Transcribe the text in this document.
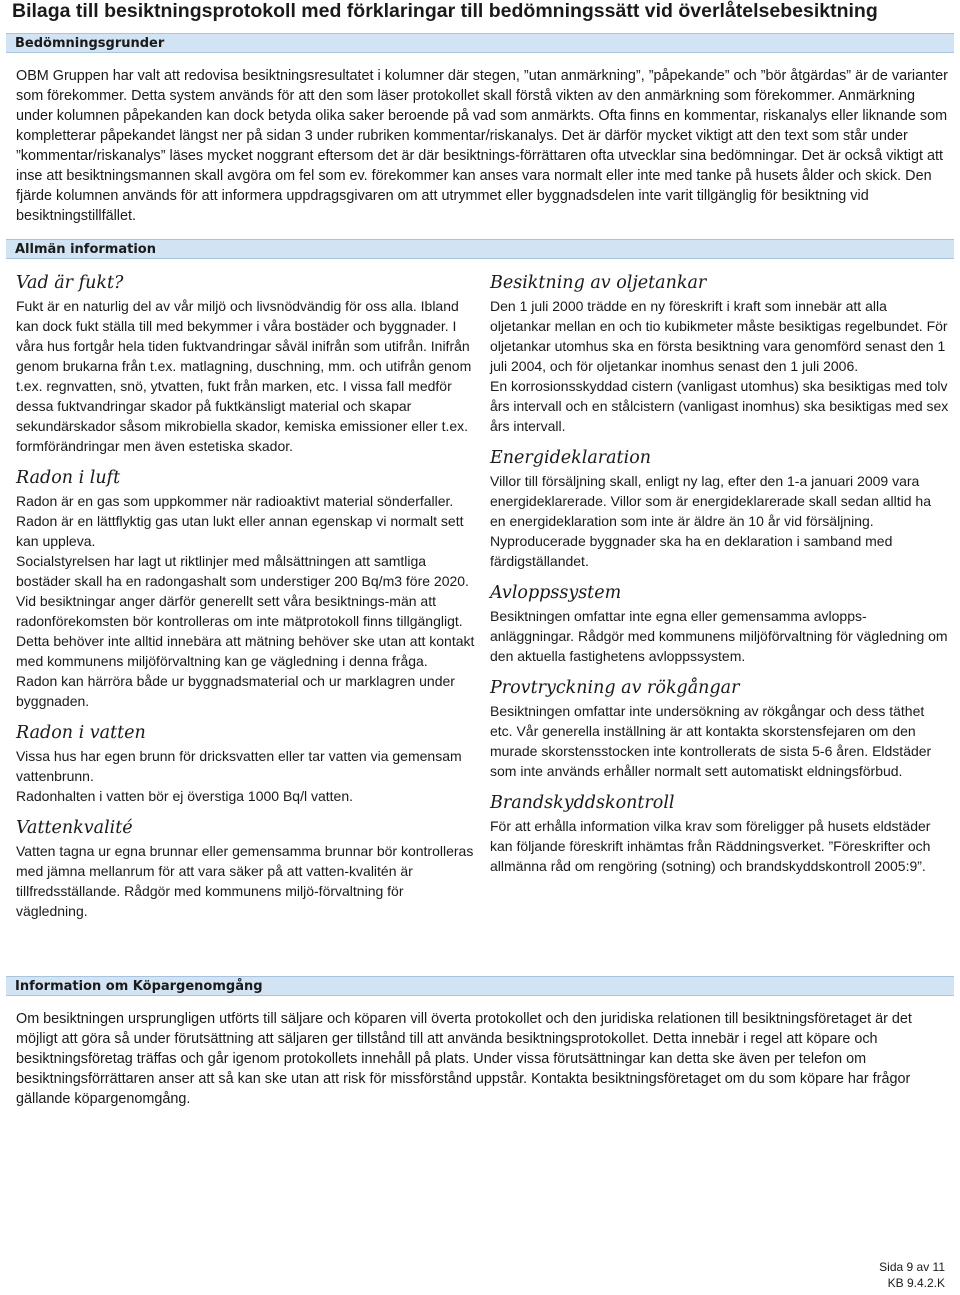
Bilaga till besiktningsprotokoll med förklaringar till bedömningssätt vid överlåtelsebesiktning
Bedömningsgrunder

OBM Gruppen har valt att redovisa besiktningsresultatet i kolumner där stegen, ”utan anmärkning”, ”påpekande” och ”bör åtgärdas” är de varianter som förekommer. Detta system används för att den som läser protokollet skall förstå vikten av den anmärkning som förekommer. Anmärkning under kolumnen påpekanden kan dock betyda olika saker beroende på vad som anmärkts. Ofta finns en kommentar, riskanalys eller liknande som kompletterar påpekandet längst ner på sidan 3 under rubriken kommentar/riskanalys. Det är därför mycket viktigt att den text som står under ”kommentar/riskanalys” läses mycket noggrant eftersom det är där besiktnings-förrättaren ofta utvecklar sina bedömningar. Det är också viktigt att inse att besiktningsmannen skall avgöra om fel som ev. förekommer kan anses vara normalt eller inte med tanke på husets ålder och skick. Den fjärde kolumnen används för att informera uppdragsgivaren om att utrymmet eller byggnadsdelen inte varit tillgänglig för besiktning vid besiktningstillfället.

Allmän information
Vad är fukt?

Fukt är en naturlig del av vår miljö och livsnödvändig för oss alla. Ibland kan dock fukt ställa till med bekymmer i våra bostäder och byggnader. I våra hus fortgår hela tiden fuktvandringar såväl inifrån som utifrån. Inifrån genom brukarna från t.ex. matlagning, duschning, mm. och utifrån genom t.ex. regnvatten, snö, ytvatten, fukt från marken, etc. I vissa fall medför dessa fuktvandringar skador på fuktkänsligt material och skapar sekundärskador såsom mikrobiella skador, kemiska emissioner eller t.ex. formförändringar men även estetiska skador.

Radon i luft

Radon är en gas som uppkommer när radioaktivt material sönderfaller. Radon är en lättflyktig gas utan lukt eller annan egenskap vi normalt sett kan uppleva.

Socialstyrelsen har lagt ut riktlinjer med målsättningen att samtliga bostäder skall ha en radongashalt som understiger 200 Bq/m3 före 2020. Vid besiktningar anger därför generellt sett våra besiktnings-män att radonförekomsten bör kontrolleras om inte mätprotokoll finns tillgängligt. Detta behöver inte alltid innebära att mätning behöver ske utan att kontakt med kommunens miljöförvaltning kan ge vägledning i denna fråga.

Radon kan härröra både ur byggnadsmaterial och ur marklagren under byggnaden.

Radon i vatten

Vissa hus har egen brunn för dricksvatten eller tar vatten via gemensam vattenbrunn.

Radonhalten i vatten bör ej överstiga 1000 Bq/l vatten.

Vattenkvalité

Vatten tagna ur egna brunnar eller gemensamma brunnar bör kontrolleras med jämna mellanrum för att vara säker på att vatten-kvalitén är tillfredsställande. Rådgör med kommunens miljö-förvaltning för vägledning.

Besiktning av oljetankar

Den 1 juli 2000 trädde en ny föreskrift i kraft som innebär att alla oljetankar mellan en och tio kubikmeter måste besiktigas regelbundet. För oljetankar utomhus ska en första besiktning vara genomförd senast den 1 juli 2004, och för oljetankar inomhus senast den 1 juli 2006.

En korrosionsskyddad cistern (vanligast utomhus) ska besiktigas med tolv års intervall och en stålcistern (vanligast inomhus) ska besiktigas med sex års intervall.

Energideklaration

Villor till försäljning skall, enligt ny lag, efter den 1-a januari 2009 vara energideklarerade. Villor som är energideklarerade skall sedan alltid ha en energideklaration som inte är äldre än 10 år vid försäljning.

Nyproducerade byggnader ska ha en deklaration i samband med färdigställandet.

Avloppssystem

Besiktningen omfattar inte egna eller gemensamma avlopps-anläggningar. Rådgör med kommunens miljöförvaltning för vägledning om den aktuella fastighetens avloppssystem.

Provtryckning av rökgångar

Besiktningen omfattar inte undersökning av rökgångar och dess täthet etc. Vår generella inställning är att kontakta skorstensfejaren om den murade skorstensstocken inte kontrollerats de sista 5-6 åren. Eldstäder som inte används erhåller normalt sett automatiskt eldningsförbud.

Brandskyddskontroll

För att erhålla information vilka krav som föreligger på husets eldstäder kan följande föreskrift inhämtas från Räddningsverket. ”Föreskrifter och allmänna råd om rengöring (sotning) och brandskyddskontroll 2005:9”.

Information om Köpargenomgång

Om besiktningen ursprungligen utförts till säljare och köparen vill överta protokollet och den juridiska relationen till besiktningsföretaget är det möjligt att göra så under förutsättning att säljaren ger tillstånd till att använda besiktningsprotokollet. Detta innebär i regel att köpare och besiktningsföretag träffas och går igenom protokollets innehåll på plats. Under vissa förutsättningar kan detta ske även per telefon om besiktningsförrättaren anser att så kan ske utan att risk för missförstånd uppstår. Kontakta besiktningsföretaget om du som köpare har frågor gällande köpargenomgång.

Sida 9 av 11
KB 9.4.2.K
